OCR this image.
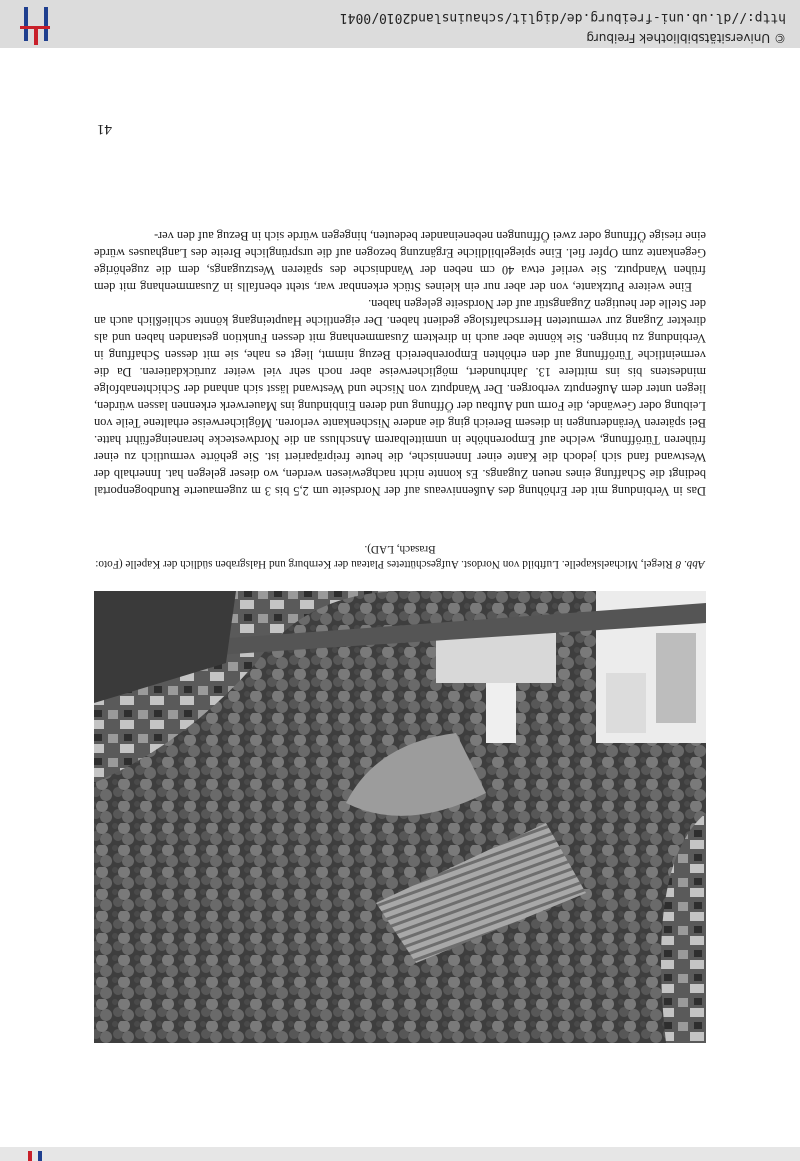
41

Das in Verbindung mit der Erhöhung des Außenniveaus auf der Nordseite um 2,5 bis 3 m zugemauerte Rundbogenportal bedingt die Schaffung eines neuen Zugangs. Es konnte nicht nachgewiesen werden, wo dieser gelegen hat. Innerhalb der Westwand fand sich jedoch die Kante einer Innennische, die heute freipräpariert ist. Sie gehörte vermutlich zu einer früheren Türöffnung, welche auf Emporenhöhe in unmittelbarem Anschluss an die Nordwestecke heraneingeführt hatte. Bei späteren Veränderungen in diesem Bereich ging die andere Nischenkante verloren. Möglicherweise erhaltene Teile von Leibung oder Gewände, die Form und Aufbau der Öffnung und deren Einbindung ins Mauerwerk erkennen lassen würden, liegen unter dem Außenputz verborgen. Der Wandputz von Nische und Westwand lässt sich anhand der Schichtenabfolge mindestens bis ins mittlere 13. Jahrhundert, möglicherweise aber noch sehr viel weiter zurückdatieren. Da die vermeintliche Türöffnung auf den erhöhten Emporenbereich Bezug nimmt, liegt es nahe, sie mit dessen Schaffung in Verbindung zu bringen. Sie könnte aber auch in direktem Zusammenhang mit dessen Funktion gestanden haben und als direkter Zugang zur vermuteten Herrschaftsloge gedient haben. Der eigentliche Haupteingang könnte schließlich auch an der Stelle der heutigen Zugangstür auf der Nordseite gelegen haben.

Eine weitere Putzkante, von der aber nur ein kleines Stück erkennbar war, steht ebenfalls in Zusammenhang mit dem frühen Wandputz. Sie verlief etwa 40 cm neben der Wandnische des späteren Westzugangs, dem die zugehörige Gegenkante zum Opfer fiel. Eine spiegelbildliche Ergänzung bezogen auf die ursprüngliche Breite des Langhauses würde eine riesige Öffnung oder zwei Öffnungen nebeneinander bedeuten, hingegen würde sich in Bezug auf den ver-

Abb. 8 Riegel, Michaelskapelle. Luftbild von Nordost. Aufgeschüttetes Plateau der Kernburg und Halsgraben südlich der Kapelle (Foto: Brasach, LAD).
© Universitätsbibliothek Freiburg
http://dl.ub.uni-freiburg.de/diglit/schauinsland2010/0041
